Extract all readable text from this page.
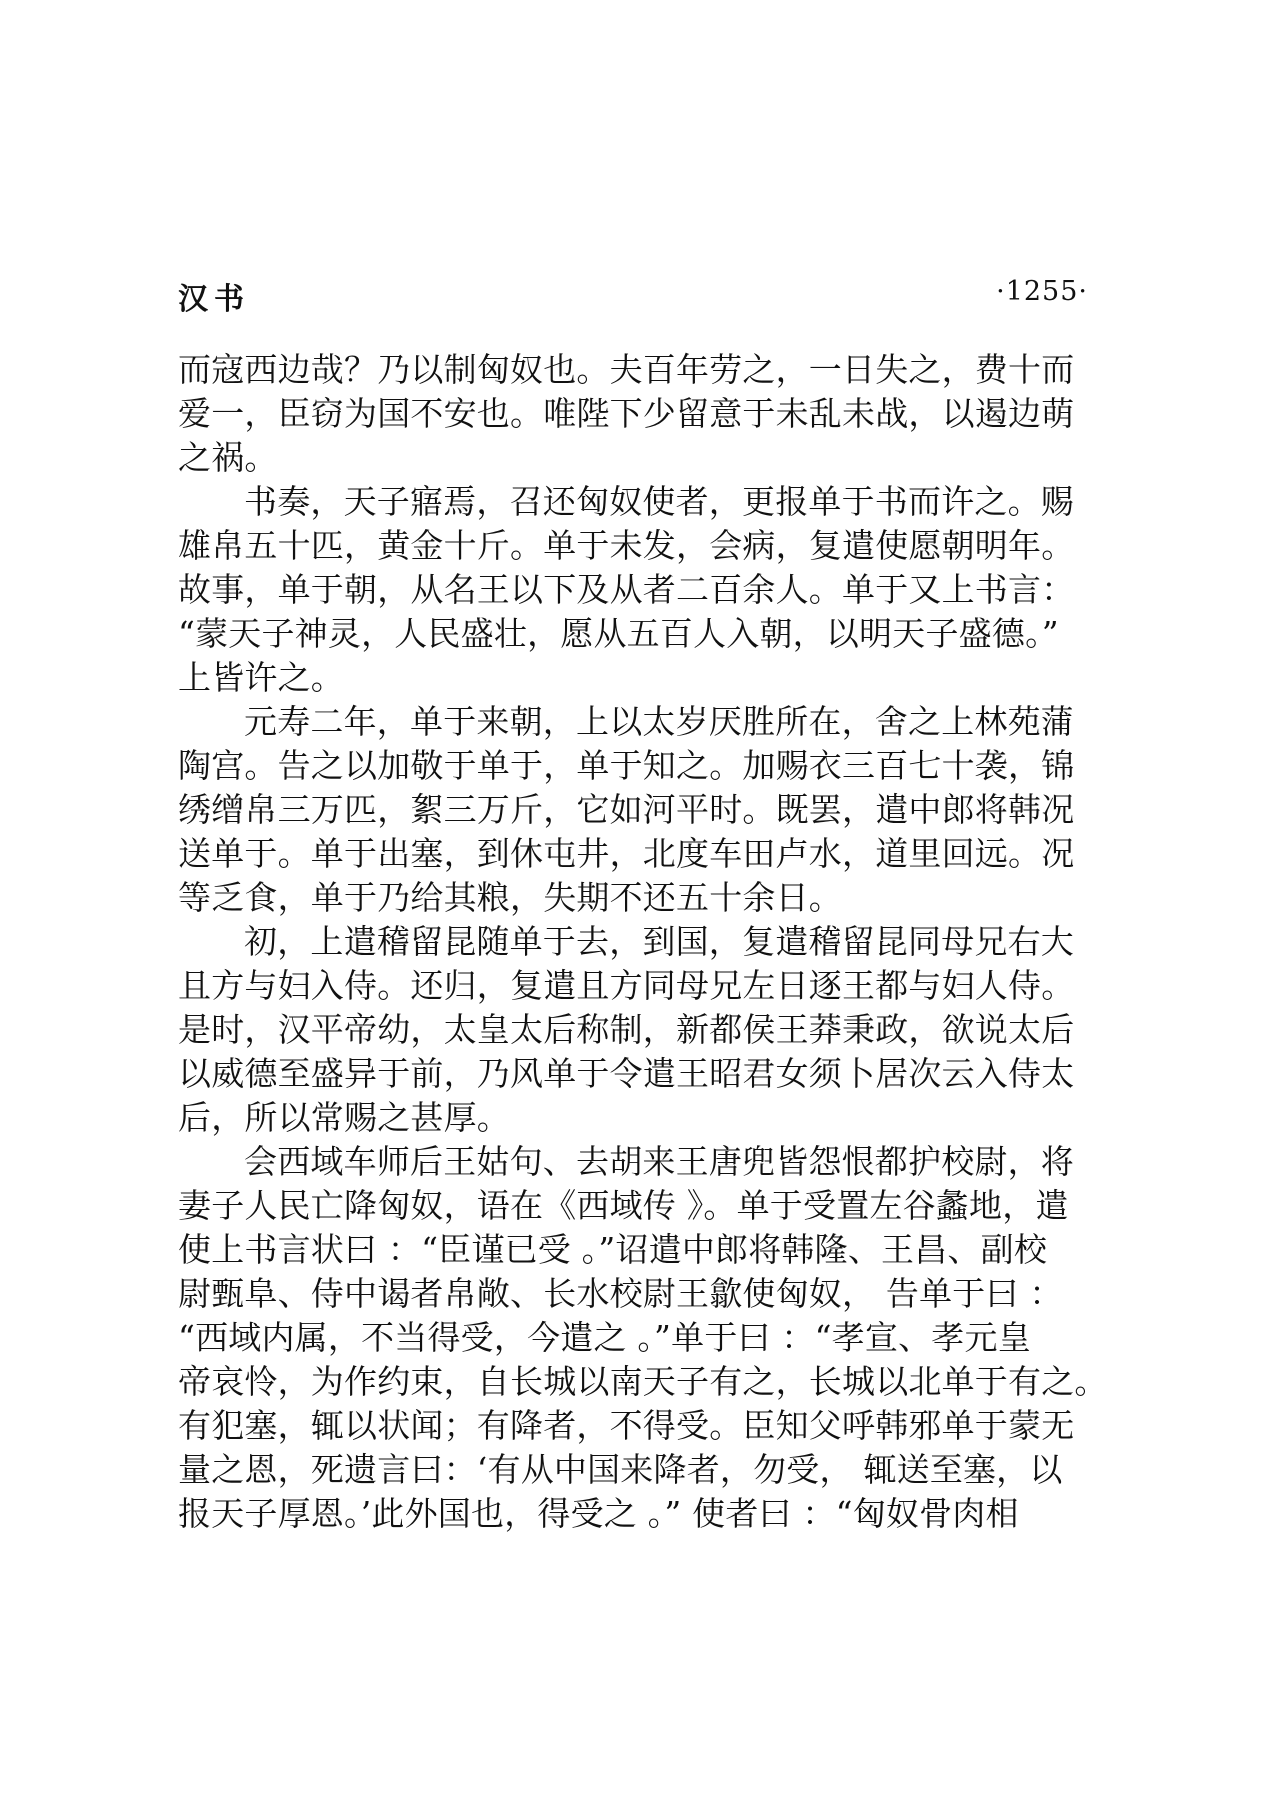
汉书	·1255·
而寇西边哉？乃以制匈奴也。夫百年劳之，一日失之，费十而
爱一，臣窃为国不安也。唯陛下少留意于未乱未战，以遏边萌
之祸。
书奏，天子寤焉，召还匈奴使者，更报单于书而许之。赐
雄帛五十匹，黄金十斤。单于未发，会病，复遣使愿朝明年。
故事，单于朝，从名王以下及从者二百余人。单于又上书言：
“蒙天子神灵，人民盛壮，愿从五百人入朝，以明天子盛德。”
上皆许之。
元寿二年，单于来朝，上以太岁厌胜所在，舍之上林苑蒲
陶宫。告之以加敬于单于，单于知之。加赐衣三百七十袭，锦
绣缯帛三万匹，絮三万斤，它如河平时。既罢，遣中郎将韩况
送单于。单于出塞，到休屯井，北度车田卢水，道里回远。况
等乏食，单于乃给其粮，失期不还五十余日。
初，上遣稽留昆随单于去，到国，复遣稽留昆同母兄右大
且方与妇入侍。还归，复遣且方同母兄左日逐王都与妇人侍。
是时，汉平帝幼，太皇太后称制，新都侯王莽秉政，欲说太后
以威德至盛异于前，乃风单于令遣王昭君女须卜居次云入侍太
后，所以常赐之甚厚。
会西域车师后王姑句、去胡来王唐兜皆怨恨都护校尉，将
妻子人民亡降匈奴，语在《西域传 》。单于受置左谷蠡地，遣
使上书言状曰 ：“臣谨已受 。”诏遣中郎将韩隆、王昌、副校
尉甄阜、侍中谒者帛敞、长水校尉王歙使匈奴， 告单于曰 ：
“西域内属，不当得受，今遣之 。”单于曰 ：“孝宣、孝元皇
帝哀怜，为作约束，自长城以南天子有之，长城以北单于有之。
有犯塞，辄以状闻；有降者，不得受。臣知父呼韩邪单于蒙无
量之恩，死遗言曰：‘有从中国来降者，勿受， 辄送至塞，以
报天子厚恩。’此外国也，得受之 。” 使者曰 ：“匈奴骨肉相
